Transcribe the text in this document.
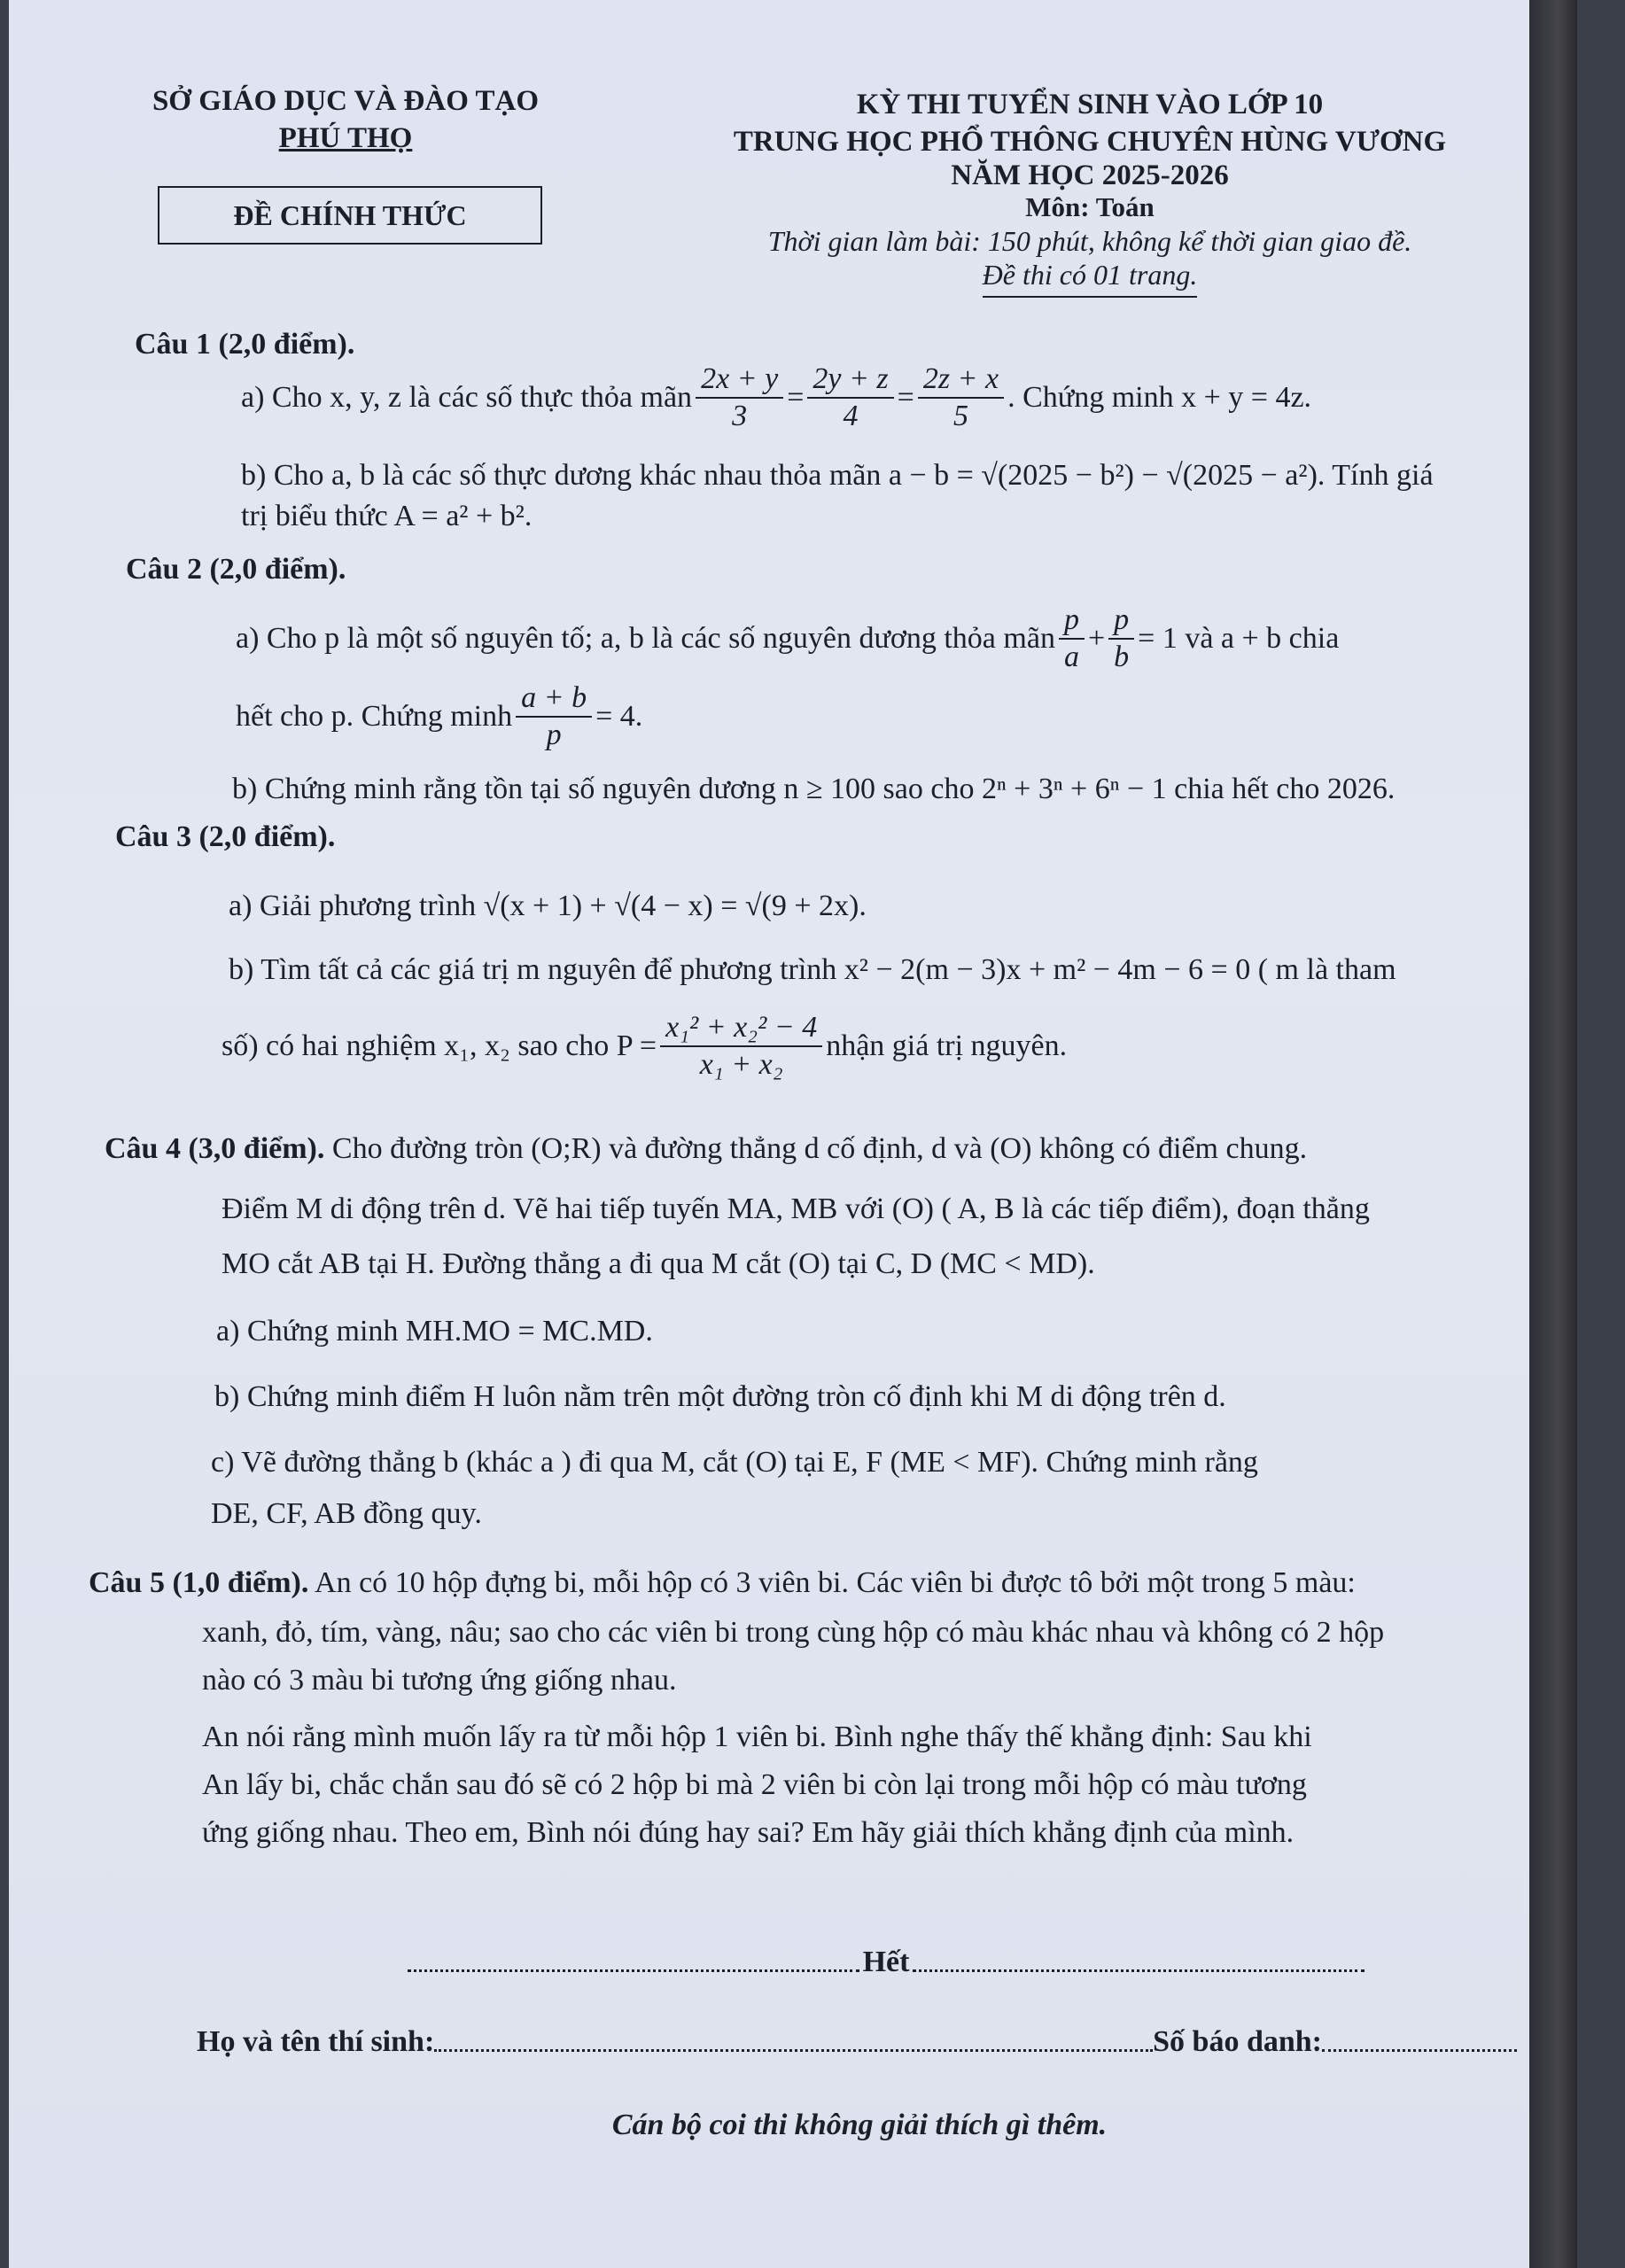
SỞ GIÁO DỤC VÀ ĐÀO TẠO
PHÚ THỌ
ĐỀ CHÍNH THỨC
KỲ THI TUYỂN SINH VÀO LỚP 10
TRUNG HỌC PHỔ THÔNG CHUYÊN HÙNG VƯƠNG
NĂM HỌC 2025-2026
Môn: Toán
Thời gian làm bài: 150 phút, không kể thời gian giao đề.
Đề thi có 01 trang.
Câu 1 (2,0 điểm).
a) Cho x, y, z là các số thực thỏa mãn $\frac{2x + y}{3} = \frac{2y + z}{4} = \frac{2z + x}{5}$ . Chứng minh x + y = 4z.
b) Cho a, b là các số thực dương khác nhau thỏa mãn a − b = √(2025 − b²) − √(2025 − a²). Tính giá
trị biểu thức A = a² + b².
Câu 2 (2,0 điểm).
a) Cho p là một số nguyên tố; a, b là các số nguyên dương thỏa mãn $\frac{p}{a} + \frac{p}{b} = 1$ và a + b chia
hết cho p. Chứng minh $\frac{a + b}{p} = 4$.
b) Chứng minh rằng tồn tại số nguyên dương n ≥ 100 sao cho 2ⁿ + 3ⁿ + 6ⁿ − 1 chia hết cho 2026.
Câu 3 (2,0 điểm).
a) Giải phương trình √(x + 1) + √(4 − x) = √(9 + 2x).
b) Tìm tất cả các giá trị m nguyên để phương trình x² − 2(m − 3)x + m² − 4m − 6 = 0 ( m là tham
số) có hai nghiệm x₁, x₂ sao cho $P = \frac{\text{x₁² + x₂² − 4}}{\text{x₁ + x₂}}$ nhận giá trị nguyên.
Câu 4 (3,0 điểm). Cho đường tròn (O;R) và đường thẳng d cố định, d và (O) không có điểm chung.
Điểm M di động trên d. Vẽ hai tiếp tuyến MA, MB với (O) ( A, B là các tiếp điểm), đoạn thẳng
MO cắt AB tại H. Đường thẳng a đi qua M cắt (O) tại C, D (MC < MD).
a) Chứng minh MH.MO = MC.MD.
b) Chứng minh điểm H luôn nằm trên một đường tròn cố định khi M di động trên d.
c) Vẽ đường thẳng b (khác a ) đi qua M, cắt (O) tại E, F (ME < MF). Chứng minh rằng
DE, CF, AB đồng quy.
Câu 5 (1,0 điểm). An có 10 hộp đựng bi, mỗi hộp có 3 viên bi. Các viên bi được tô bởi một trong 5 màu:
xanh, đỏ, tím, vàng, nâu; sao cho các viên bi trong cùng hộp có màu khác nhau và không có 2 hộp
nào có 3 màu bi tương ứng giống nhau.
An nói rằng mình muốn lấy ra từ mỗi hộp 1 viên bi. Bình nghe thấy thế khẳng định: Sau khi
An lấy bi, chắc chắn sau đó sẽ có 2 hộp bi mà 2 viên bi còn lại trong mỗi hộp có màu tương
ứng giống nhau. Theo em, Bình nói đúng hay sai? Em hãy giải thích khẳng định của mình.
Hết
Họ và tên thí sinh:	Số báo danh:
Cán bộ coi thi không giải thích gì thêm.
